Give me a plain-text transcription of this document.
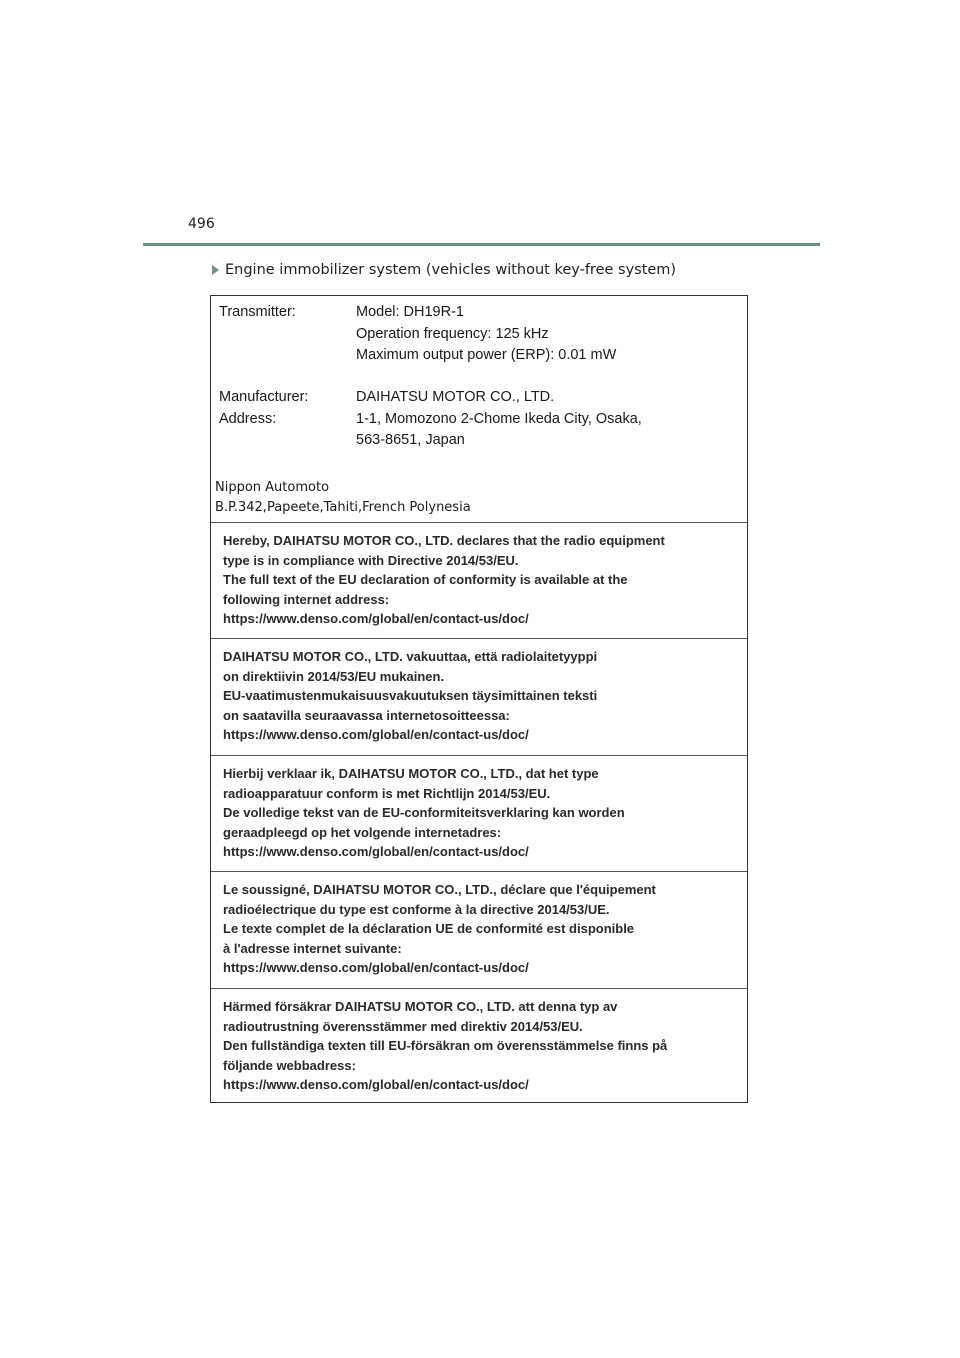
496
Engine immobilizer system (vehicles without key-free system)
Transmitter:	Model: DH19R-1
Operation frequency: 125 kHz
Maximum output power (ERP): 0.01 mW
Manufacturer:	DAIHATSU MOTOR CO., LTD.
Address:	1-1, Momozono 2-Chome Ikeda City, Osaka,
563-8651, Japan
Nippon Automoto
B.P.342,Papeete,Tahiti,French Polynesia
Hereby, DAIHATSU MOTOR CO., LTD. declares that the radio equipment
type is in compliance with Directive 2014/53/EU.
The full text of the EU declaration of conformity is available at the
following internet address:
https://www.denso.com/global/en/contact-us/doc/
DAIHATSU MOTOR CO., LTD. vakuuttaa, että radiolaitetyyppi
on direktiivin 2014/53/EU mukainen.
EU-vaatimustenmukaisuusvakuutuksen täysimittainen teksti
on saatavilla seuraavassa internetosoitteessa:
https://www.denso.com/global/en/contact-us/doc/
Hierbij verklaar ik, DAIHATSU MOTOR CO., LTD., dat het type
radioapparatuur conform is met Richtlijn 2014/53/EU.
De volledige tekst van de EU-conformiteitsverklaring kan worden
geraadpleegd op het volgende internetadres:
https://www.denso.com/global/en/contact-us/doc/
Le soussigné, DAIHATSU MOTOR CO., LTD., déclare que l'équipement
radioélectrique du type est conforme à la directive 2014/53/UE.
Le texte complet de la déclaration UE de conformité est disponible
à l'adresse internet suivante:
https://www.denso.com/global/en/contact-us/doc/
Härmed försäkrar DAIHATSU MOTOR CO., LTD. att denna typ av
radioutrustning överensstämmer med direktiv 2014/53/EU.
Den fullständiga texten till EU-försäkran om överensstämmelse finns på
följande webbadress:
https://www.denso.com/global/en/contact-us/doc/
